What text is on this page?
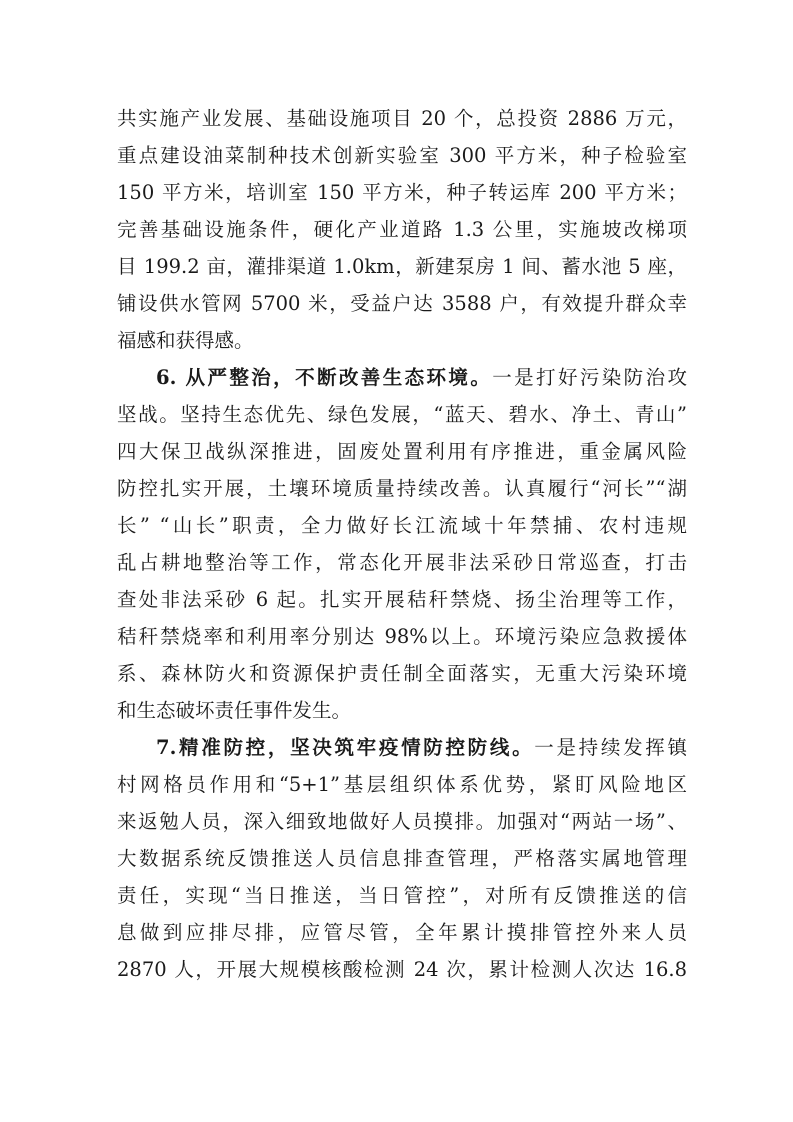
共实施产业发展、基础设施项目 20 个，总投资 2886 万元，
重点建设油菜制种技术创新实验室 300 平方米，种子检验室
150 平方米，培训室 150 平方米，种子转运库 200 平方米；
完善基础设施条件，硬化产业道路 1.3 公里，实施坡改梯项
目 199.2 亩，灌排渠道 1.0km，新建泵房 1 间、蓄水池 5 座，
铺设供水管网 5700 米，受益户达 3588 户，有效提升群众幸
福感和获得感。
6. 从严整治，不断改善生态环境。一是打好污染防治攻
坚战。坚持生态优先、绿色发展，“蓝天、碧水、净土、青山”
四大保卫战纵深推进，固废处置利用有序推进，重金属风险
防控扎实开展，土壤环境质量持续改善。认真履行“河长”“湖
长” “山长”职责，全力做好长江流域十年禁捕、农村违规
乱占耕地整治等工作，常态化开展非法采砂日常巡查，打击
查处非法采砂 6 起。扎实开展秸秆禁烧、扬尘治理等工作，
秸秆禁烧率和利用率分别达 98%以上。环境污染应急救援体
系、森林防火和资源保护责任制全面落实，无重大污染环境
和生态破坏责任事件发生。
7.精准防控，坚决筑牢疫情防控防线。一是持续发挥镇
村网格员作用和“5+1”基层组织体系优势，紧盯风险地区
来返勉人员，深入细致地做好人员摸排。加强对“两站一场”、
大数据系统反馈推送人员信息排查管理，严格落实属地管理
责任，实现“当日推送，当日管控”，对所有反馈推送的信
息做到应排尽排，应管尽管，全年累计摸排管控外来人员
2870 人，开展大规模核酸检测 24 次，累计检测人次达 16.8
